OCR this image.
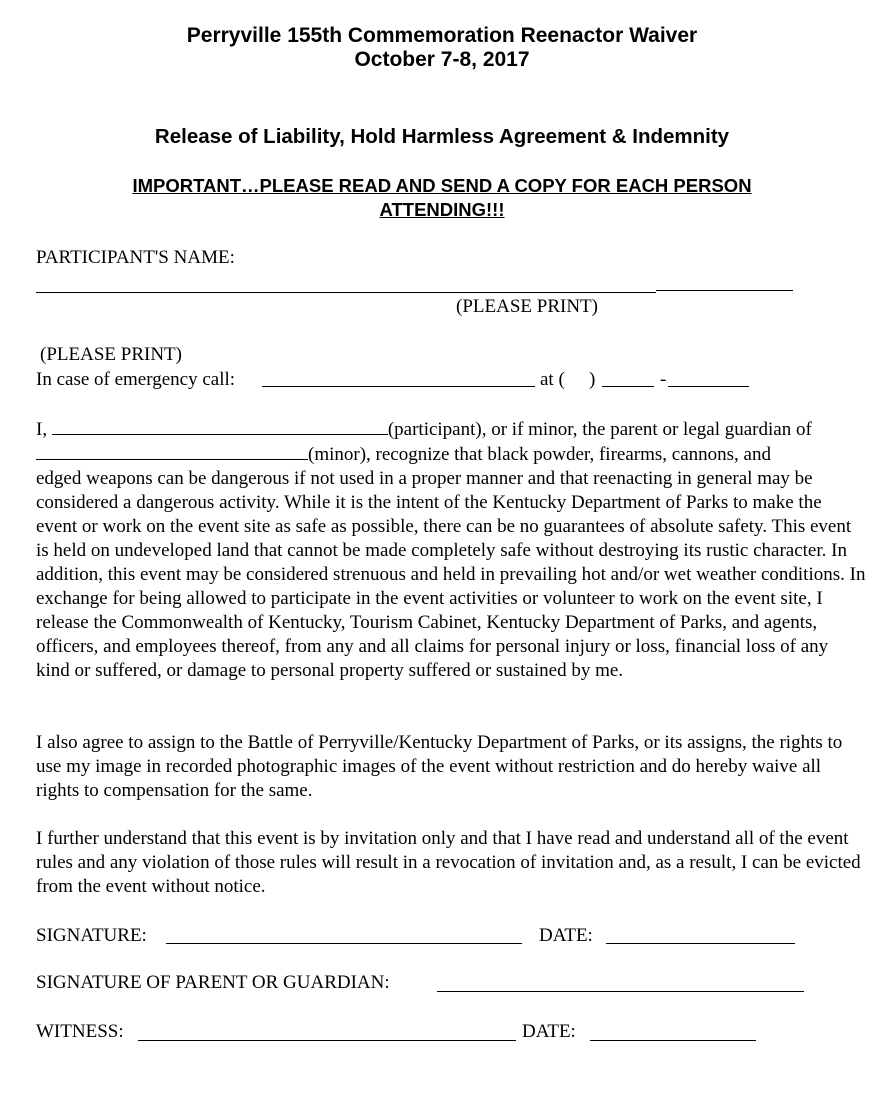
Perryville 155th Commemoration Reenactor Waiver
October 7-8, 2017
Release of Liability, Hold Harmless Agreement & Indemnity
IMPORTANT…PLEASE READ AND SEND A COPY FOR EACH PERSON
ATTENDING!!!
PARTICIPANT'S NAME:
(PLEASE PRINT)
(PLEASE PRINT)
In case of emergency call:	at ( )	-

I,	(participant), or if minor, the parent or legal guardian of

(minor), recognize that black powder, firearms, cannons, and

edged weapons can be dangerous if not used in a proper manner and that reenacting in general may be considered a dangerous activity. While it is the intent of the Kentucky Department of Parks to make the event or work on the event site as safe as possible, there can be no guarantees of absolute safety. This event is held on undeveloped land that cannot be made completely safe without destroying its rustic character. In addition, this event may be considered strenuous and held in prevailing hot and/or wet weather conditions. In exchange for being allowed to participate in the event activities or volunteer to work on the event site, I release the Commonwealth of Kentucky, Tourism Cabinet, Kentucky Department of Parks, and agents, officers, and employees thereof, from any and all claims for personal injury or loss, financial loss of any kind or suffered, or damage to personal property suffered or sustained by me.

I also agree to assign to the Battle of Perryville/Kentucky Department of Parks, or its assigns, the rights to use my image in recorded photographic images of the event without restriction and do hereby waive all rights to compensation for the same.
I further understand that this event is by invitation only and that I have read and understand all of the event rules and any violation of those rules will result in a revocation of invitation and, as a result, I can be evicted from the event without notice.
SIGNATURE:	DATE:
SIGNATURE OF PARENT OR GUARDIAN:
WITNESS:	DATE:
